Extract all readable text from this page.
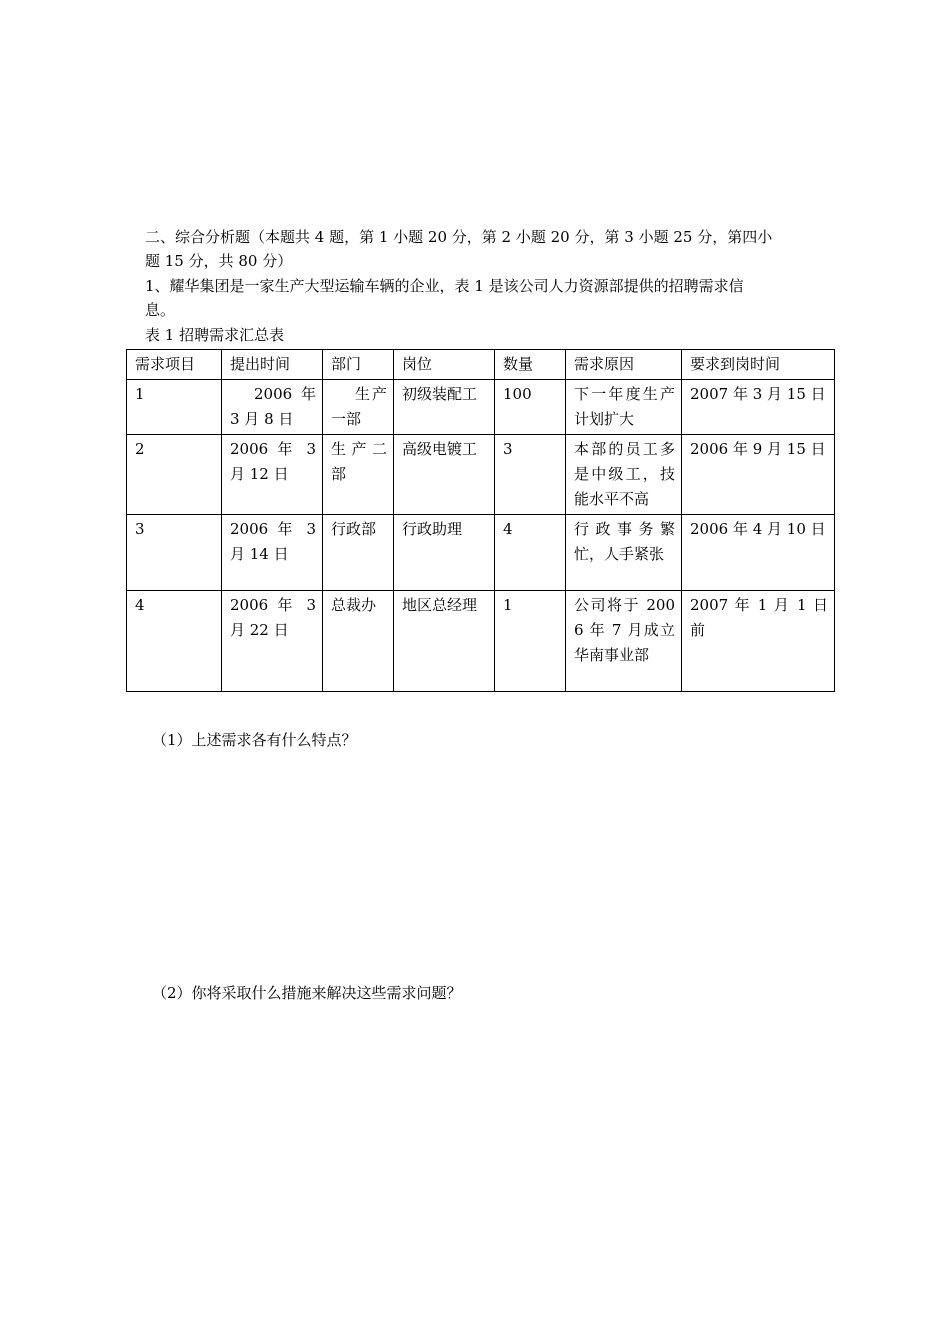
二、综合分析题（本题共 4 题，第 1 小题 20 分，第 2 小题 20 分，第 3 小题 25 分，第四小
题 15 分，共 80 分）
1、耀华集团是一家生产大型运输车辆的企业，表 1 是该公司人力资源部提供的招聘需求信
息。
表 1 招聘需求汇总表
需求项目	提出时间	部门	岗位	数量	需求原因	要求到岗时间
1	2006 年 3 月 8 日	生产一部	初级装配工	100	下一年度生产计划扩大	2007 年 3 月 15 日
2	2006 年 3 月 12 日	生产二部	高级电镀工	3	本部的员工多是中级工，技能水平不高	2006 年 9 月 15 日
3	2006 年 3 月 14 日	行政部	行政助理	4	行政事务繁忙，人手紧张	2006 年 4 月 10 日
4	2006 年 3 月 22 日	总裁办	地区总经理	1	公司将于 2006 年 7 月成立华南事业部	2007 年 1 月 1 日前
（1）上述需求各有什么特点？
（2）你将采取什么措施来解决这些需求问题？
